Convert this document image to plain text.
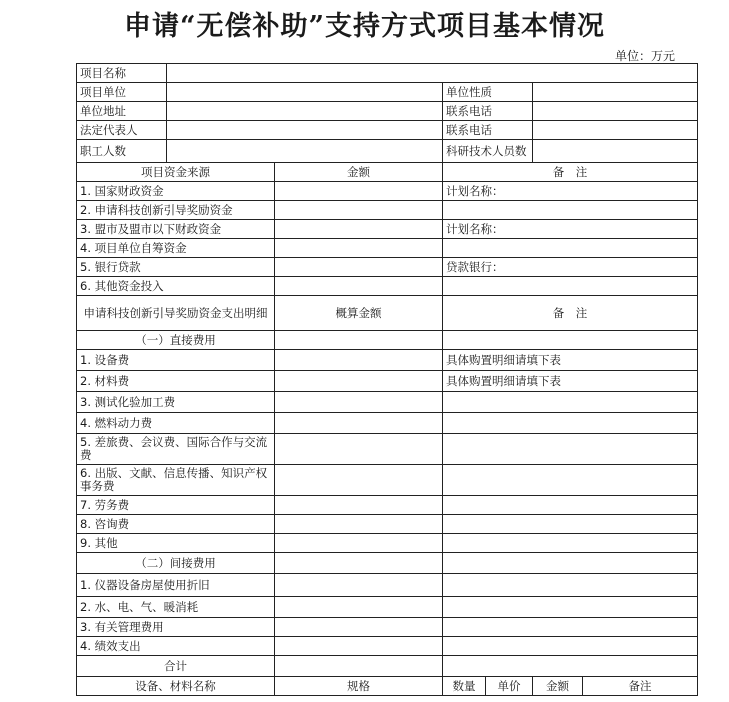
申请“无偿补助”支持方式项目基本情况
单位：万元
项目名称						
项目单位			单位性质			
单位地址			联系电话			
法定代表人			联系电话			
职工人数			科研技术人员数			
项目资金来源		金额	备　注			
1. 国家财政资金			计划名称：			
2. 申请科技创新引导奖励资金						
3. 盟市及盟市以下财政资金			计划名称：			
4. 项目单位自筹资金						
5. 银行贷款			贷款银行：			
6. 其他资金投入						
申请科技创新引导奖励资金支出明细		概算金额	备　注			
（一）直接费用						
1. 设备费			具体购置明细请填下表			
2. 材料费			具体购置明细请填下表			
3. 测试化验加工费						
4. 燃料动力费						
5. 差旅费、会议费、国际合作与交流费						
6. 出版、文献、信息传播、知识产权事务费						
7. 劳务费						
8. 咨询费						
9. 其他						
（二）间接费用						
1. 仪器设备房屋使用折旧						
2. 水、电、气、暖消耗						
3. 有关管理费用						
4. 绩效支出						
合计						
设备、材料名称		规格	数量	单价	金额	备注
